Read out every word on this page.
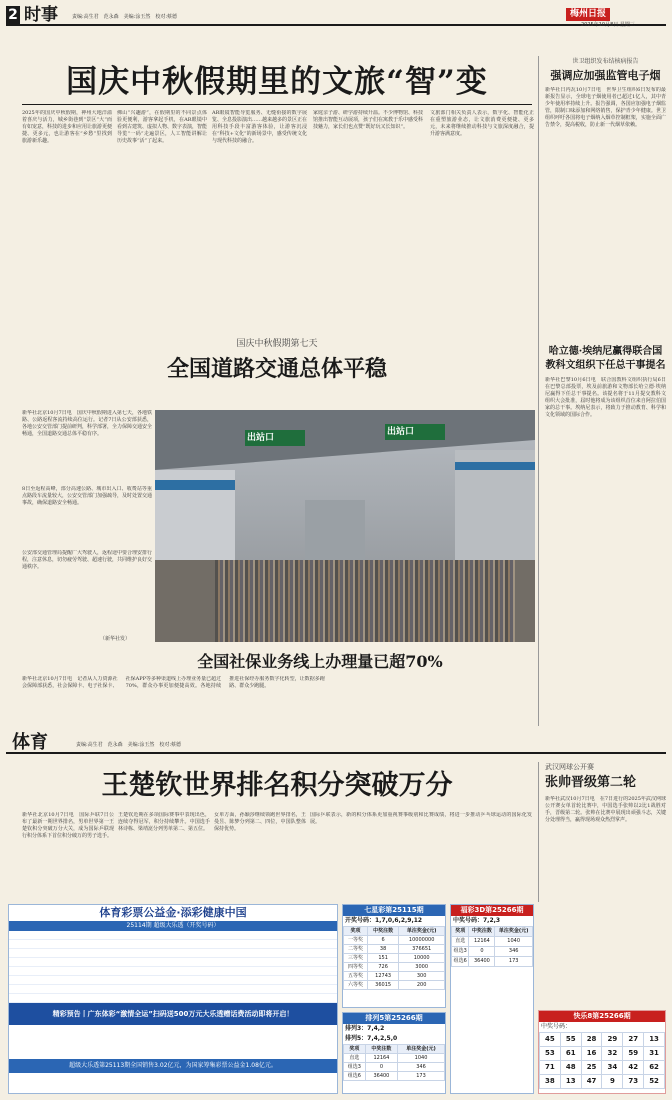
2 时事	责编:高生君　范永森　美编:涂玉然　校对:蔡德	梅州日报
2025年10月8日 星期三
国庆中秋假期里的文旅“智”变
2025年的国庆中秋假期，神州大地洋溢着喜庆与活力，城乡街巷到“景区”大“而有如宠意，科技的进步和应用让旅游更便捷、更多元，也让游客在“乡愁”里找到旅游新乐趣。
佛山“兴趣游”，在假期里的不同景点体验更便利，游客拿起手机，在AR眼镜中看到古建筑、虚拟人物、数字表演，智能导览“一码”走遍景区，人工智能讲解让历史故事“活”了起来。
AR眼镜智能导览服务、无缝衔接的数字展览、全息投影演出……越来越多的景区正在用科技手段丰富游客体验，让游客沉浸在“科技+文化”的新场景中，感受传统文化与现代科技的融合。
家庭亲子游、研学游持续升温。不少博物馆、科技馆推出智能互动展项，孩子们在寓教于乐中感受科技魅力，家长们也点赞“既好玩又长知识”。
文旅部门相关负责人表示，数字化、智能化正在重塑旅游业态，让文旅消费更便捷、更多元，未来将继续推动科技与文旅深度融合，提升游客满意度。
国庆中秋假期第七天
全国道路交通总体平稳
新华社北京10月7日电　国庆中秋假期进入第七天，各地铁路、公路返程客流持续高位运行。记者7日从公安部获悉，各地公安交管部门提前研判，科学部署，全力保障交通安全畅通，全国道路交通总体平稳有序。
8日至返程高峰，部分高速公路、城市出入口、收费站等重点路段车流量较大，公安交管部门加强疏导，及时处置交通事故，确保道路安全畅通。
公安部交通管理局提醒广大驾驶人，返程途中要合理安排行程，注意休息，切勿疲劳驾驶、超速行驶，共同维护良好交通秩序。
（新华社发）
出站口
出站口
全国社保业务线上办理量已超70%
新华社北京10月7日电　记者从人力资源社会保障部获悉，社会保障卡、电子社保卡、社保APP等多种渠道线上办理业务量已超过70%，群众办事更加便捷高效。各地持续推进社保经办服务数字化转型，让数据多跑路、群众少跑腿。
世卫组织发布结核病报告
强调应加强监管电子烟
新华社日内瓦10月7日电　世界卫生组织6日发布的最新报告显示，全球电子烟使用者已超过1亿人，其中青少年使用率持续上升。报告强调，各国应加强电子烟监管，限制口味添加和网络销售，保护青少年健康。世卫组织呼吁各国将电子烟纳入烟草控制框架，实施全面广告禁令，提高税收，防止新一代烟草依赖。
哈立德·埃纳尼赢得联合国教科文组织下任总干事提名
新华社巴黎10月6日电　联合国教科文组织执行局6日在巴黎总部投票，埃及前旅游和文物部长哈立德·埃纳尼赢得下任总干事提名。该提名将于11月提交教科文组织大会批准，届时他将成为该组织首位来自阿拉伯国家的总干事。埃纳尼表示，将致力于推动教育、科学和文化领域的国际合作。
体育	责编:高生君　范永森　美编:涂玉然　校对:蔡德
王楚钦世界排名积分突破万分
新华社北京10月7日电　国际乒联7日公布了最新一期世界排名，男单世界第一王楚钦积分突破万分大关，成为国际乒联现行积分体系下首位积分破万的男子选手。
王楚钦近期在多项国际赛事中表现出色，连续夺得冠军，积分持续攀升。中国选手林诗栋、梁靖崑分列男单第二、第五位。
女单方面，孙颖莎继续领跑世界排名，王曼昱、陈梦分列第二、四位，中国队整体保持优势。
国际乒联表示，新的积分体系更加重视赛事级别和比赛成绩，将进一步推动乒乓球运动的国际化发展。
武汉网球公开赛
张帅晋级第二轮
新华社武汉10月7日电　在7日进行的2025年武汉网球公开赛女单首轮比赛中，中国选手张帅以2比1战胜对手，晋级第二轮。张帅在比赛中展现出顽强斗志，关键分处理得当，赢得现场观众热烈掌声。
体育彩票公益金·添彩健康中国
25114期 超级大乐透（开奖号码）
精彩预告丨广东体彩“激情全运”扫码送500万元大乐透赠话费活动即将开启！
超级大乐透第25113期全国销售3.02亿元，为国家筹集彩票公益金1.08亿元。
七星彩第25115期
开奖号码：1,7,0,6,2,9,12
奖项	中奖注数	单注奖金(元)
一等奖	6	10000000
二等奖	38	376651
三等奖	151	10000
四等奖	726	3000
五等奖	12743	300
六等奖	36015	200
排列5第25266期
排列3：7,4,2
排列5：7,4,2,5,0
奖项	中奖注数	单注奖金(元)
直选	12164	1040
组选3	0	346
组选6	36400	173
福彩3D第25266期
中奖号码：7,2,3
奖项	中奖注数	单注奖金(元)
直选	12164	1040
组选3	0	346
组选6	36400	173
快乐8第25266期
中奖号码：
45	55	28	29	27	13
53	61	16	32	59	31
71	48	25	34	42	62
38	13	47	9	73	52
